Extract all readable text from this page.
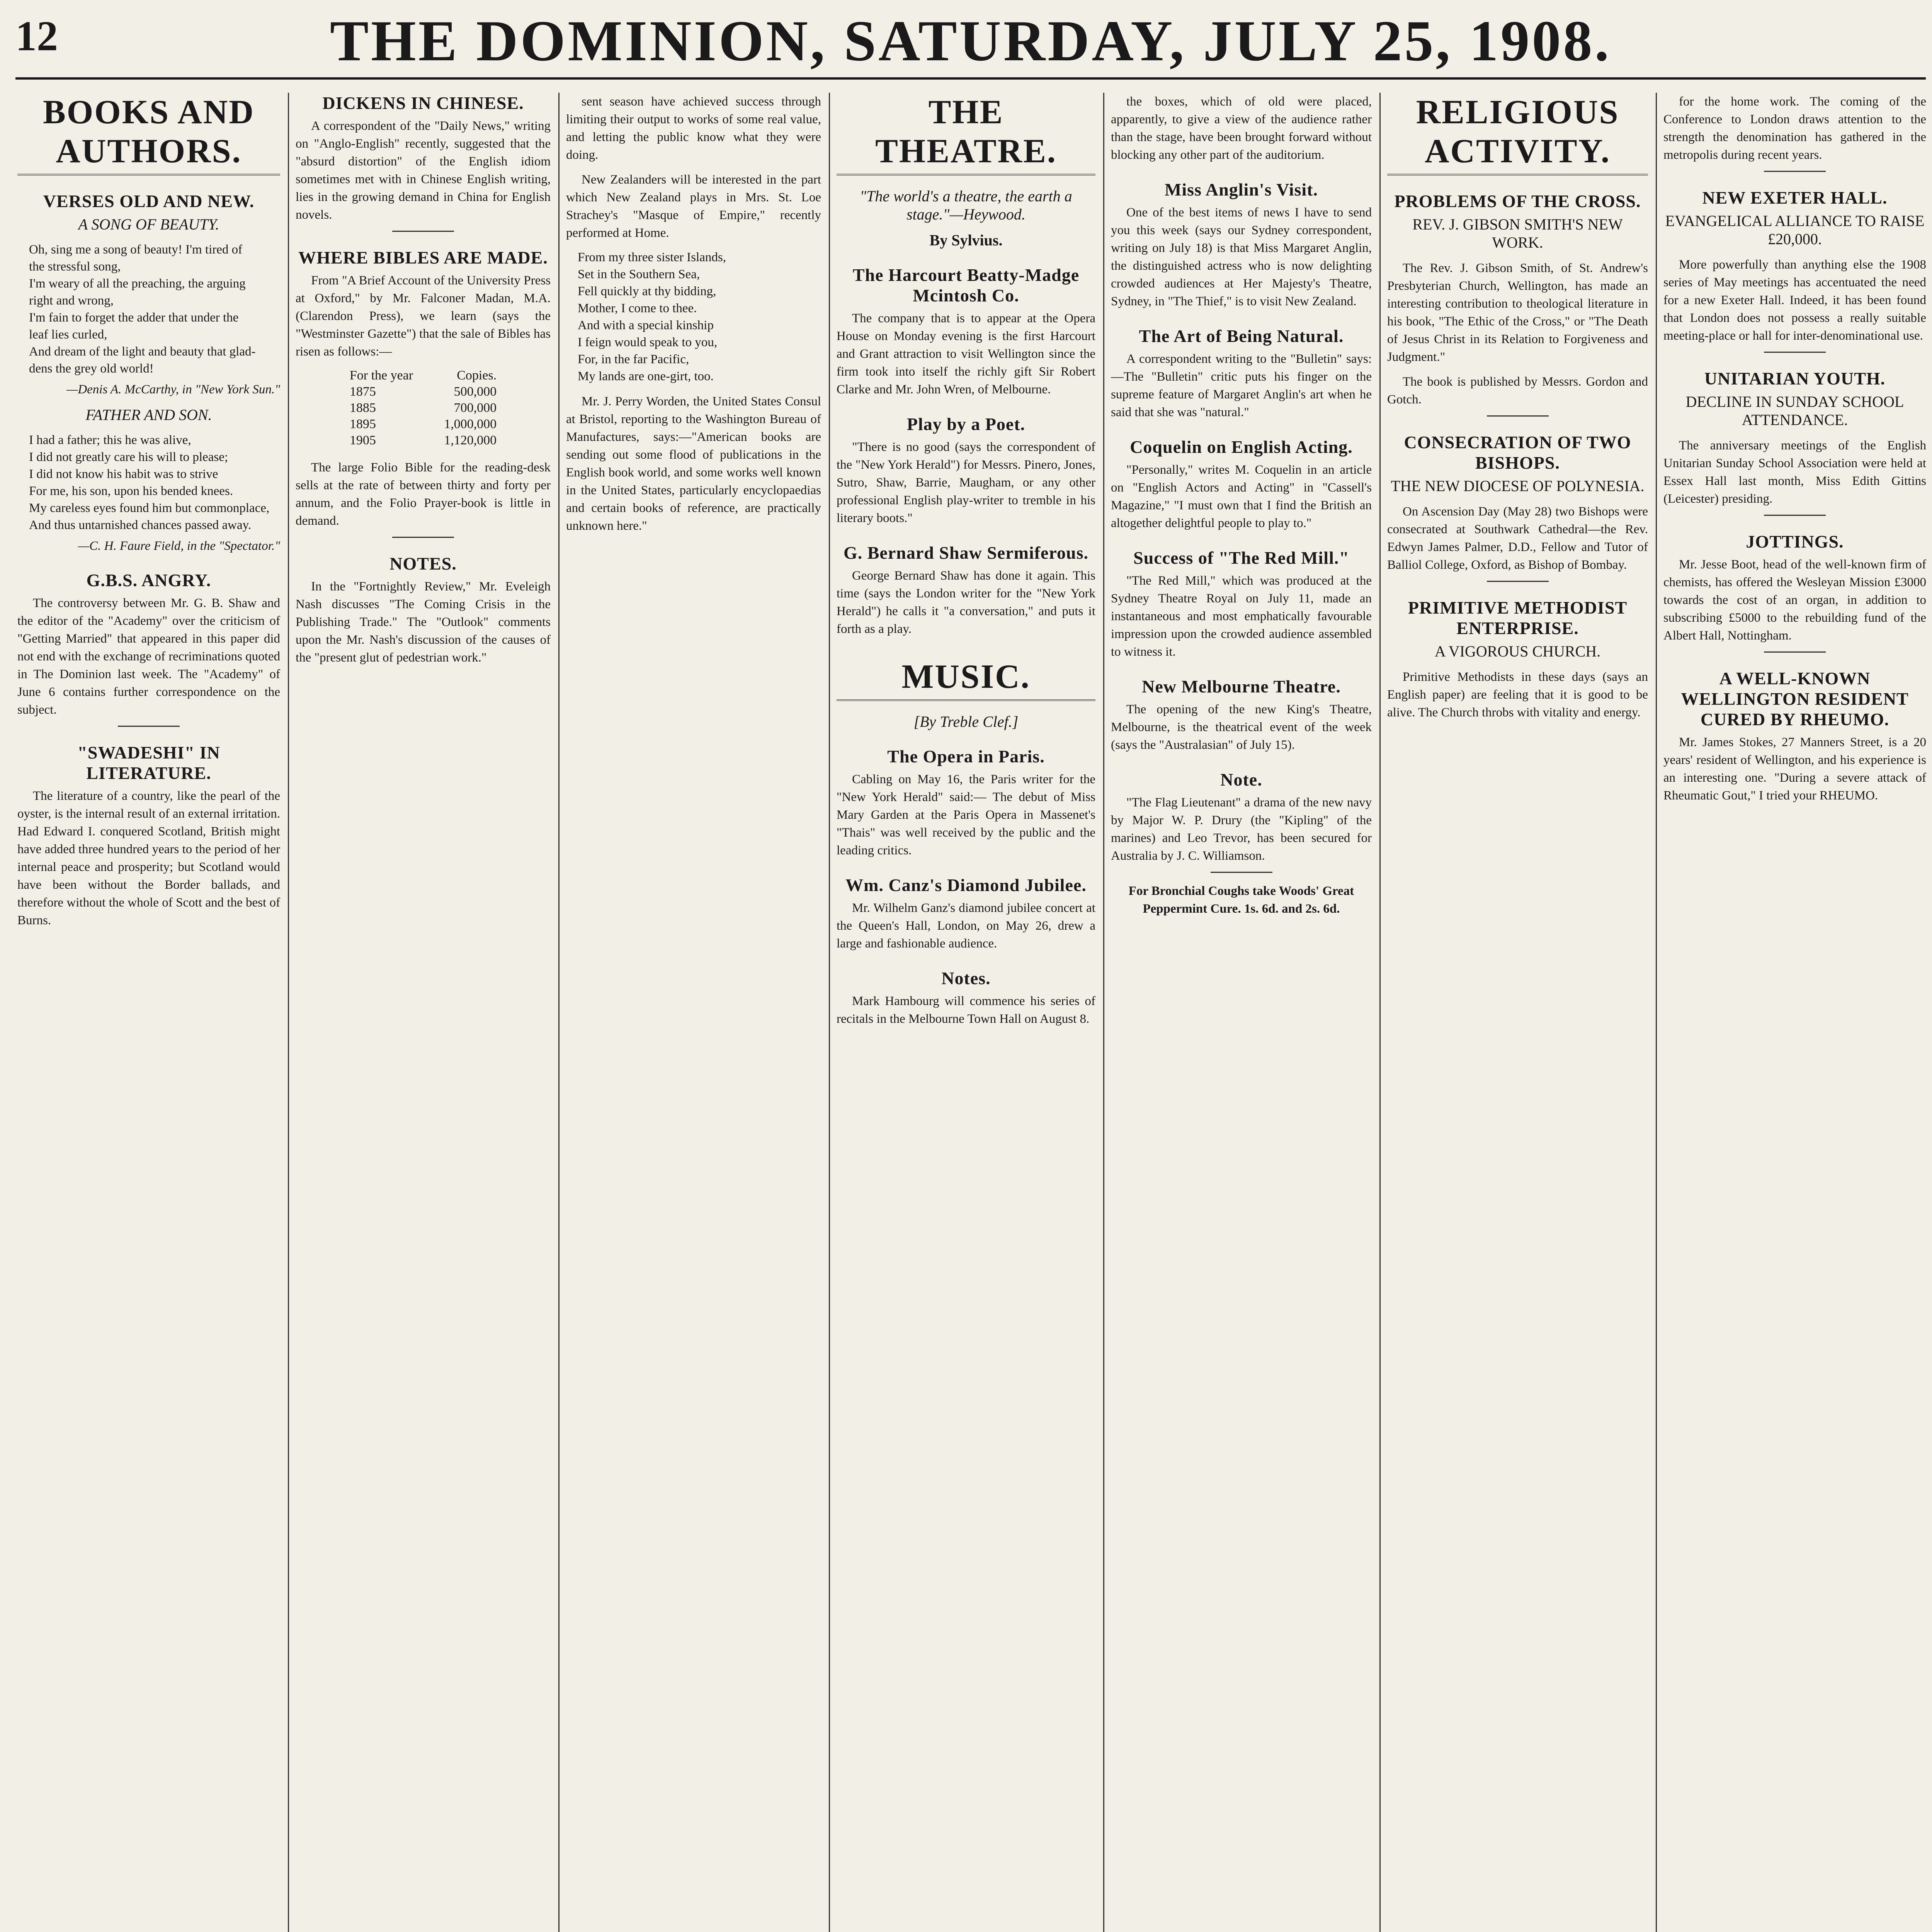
12	THE DOMINION, SATURDAY, JULY 25, 1908.
BOOKS AND AUTHORS.
VERSES OLD AND NEW.
A SONG OF BEAUTY.

Oh, sing me a song of beauty! I'm tired of

the stressful song,

I'm weary of all the preaching, the arguing

right and wrong,

I'm fain to forget the adder that under the

leaf lies curled,

And dream of the light and beauty that glad-

dens the grey old world!

—Denis A. McCarthy, in "New York Sun."

FATHER AND SON.

I had a father; this he was alive,

I did not greatly care his will to please;

I did not know his habit was to strive

For me, his son, upon his bended knees.

My careless eyes found him but commonplace,

And thus untarnished chances passed away.

—C. H. Faure Field, in the "Spectator."

G.B.S. ANGRY.

The controversy between Mr. G. B. Shaw and the editor of the "Academy" over the criticism of "Getting Married" that appeared in this paper did not end with the exchange of recriminations quoted in The Dominion last week. The "Academy" of June 6 contains further correspondence on the subject.

"SWADESHI" IN LITERATURE.

The literature of a country, like the pearl of the oyster, is the internal result of an external irritation. Had Edward I. conquered Scotland, British might have added three hundred years to the period of her internal peace and prosperity; but Scotland would have been without the Border ballads, and therefore without the whole of Scott and the best of Burns.

DICKENS IN CHINESE.

A correspondent of the "Daily News," writing on "Anglo-English" recently, suggested that the "absurd distortion" of the English idiom sometimes met with in Chinese English writing, lies in the growing demand in China for English novels.

WHERE BIBLES ARE MADE.

From "A Brief Account of the University Press at Oxford," by Mr. Falconer Madan, M.A. (Clarendon Press), we learn (says the "Westminster Gazette") that the sale of Bibles has risen as follows:—

For the year	Copies.
1875	500,000
1885	700,000
1895	1,000,000
1905	1,120,000

The large Folio Bible for the reading-desk sells at the rate of between thirty and forty per annum, and the Folio Prayer-book is little in demand.

NOTES.

In the "Fortnightly Review," Mr. Eveleigh Nash discusses "The Coming Crisis in the Publishing Trade." The "Outlook" comments upon the Mr. Nash's discussion of the causes of the "present glut of pedestrian work."

sent season have achieved success through limiting their output to works of some real value, and letting the public know what they were doing.

New Zealanders will be interested in the part which New Zealand plays in Mrs. St. Loe Strachey's "Masque of Empire," recently performed at Home.

From my three sister Islands,

Set in the Southern Sea,

Fell quickly at thy bidding,

Mother, I come to thee.

And with a special kinship

I feign would speak to you,

For, in the far Pacific,

My lands are one-girt, too.

Mr. J. Perry Worden, the United States Consul at Bristol, reporting to the Washington Bureau of Manufactures, says:—"American books are sending out some flood of publications in the English book world, and some works well known in the United States, particularly encyclopaedias and certain books of reference, are practically unknown here."

THE THEATRE.
"The world's a theatre, the earth a stage."—Heywood.
By Sylvius.
The Harcourt Beatty-Madge Mcintosh Co.

The company that is to appear at the Opera House on Monday evening is the first Harcourt and Grant attraction to visit Wellington since the firm took into itself the richly gift Sir Robert Clarke and Mr. John Wren, of Melbourne.

Play by a Poet.

"There is no good (says the correspondent of the "New York Herald") for Messrs. Pinero, Jones, Sutro, Shaw, Barrie, Maugham, or any other professional English play-writer to tremble in his literary boots."

G. Bernard Shaw Sermiferous.

George Bernard Shaw has done it again. This time (says the London writer for the "New York Herald") he calls it "a conversation," and puts it forth as a play.

MUSIC.
[By Treble Clef.]
The Opera in Paris.

Cabling on May 16, the Paris writer for the "New York Herald" said:— The debut of Miss Mary Garden at the Paris Opera in Massenet's "Thais" was well received by the public and the leading critics.

Wm. Canz's Diamond Jubilee.

Mr. Wilhelm Ganz's diamond jubilee concert at the Queen's Hall, London, on May 26, drew a large and fashionable audience.

Notes.

Mark Hambourg will commence his series of recitals in the Melbourne Town Hall on August 8.

the boxes, which of old were placed, apparently, to give a view of the audience rather than the stage, have been brought forward without blocking any other part of the auditorium.

Miss Anglin's Visit.

One of the best items of news I have to send you this week (says our Sydney correspondent, writing on July 18) is that Miss Margaret Anglin, the distinguished actress who is now delighting crowded audiences at Her Majesty's Theatre, Sydney, in "The Thief," is to visit New Zealand.

The Art of Being Natural.

A correspondent writing to the "Bulletin" says:—The "Bulletin" critic puts his finger on the supreme feature of Margaret Anglin's art when he said that she was "natural."

Coquelin on English Acting.

"Personally," writes M. Coquelin in an article on "English Actors and Acting" in "Cassell's Magazine," "I must own that I find the British an altogether delightful people to play to."

Success of "The Red Mill."

"The Red Mill," which was produced at the Sydney Theatre Royal on July 11, made an instantaneous and most emphatically favourable impression upon the crowded audience assembled to witness it.

New Melbourne Theatre.

The opening of the new King's Theatre, Melbourne, is the theatrical event of the week (says the "Australasian" of July 15).

Note.

"The Flag Lieutenant" a drama of the new navy by Major W. P. Drury (the "Kipling" of the marines) and Leo Trevor, has been secured for Australia by J. C. Williamson.

For Bronchial Coughs take Woods' Great Peppermint Cure. 1s. 6d. and 2s. 6d.

RELIGIOUS ACTIVITY.
PROBLEMS OF THE CROSS.
REV. J. GIBSON SMITH'S NEW WORK.

The Rev. J. Gibson Smith, of St. Andrew's Presbyterian Church, Wellington, has made an interesting contribution to theological literature in his book, "The Ethic of the Cross," or "The Death of Jesus Christ in its Relation to Forgiveness and Judgment."

The book is published by Messrs. Gordon and Gotch.

CONSECRATION OF TWO BISHOPS.
THE NEW DIOCESE OF POLYNESIA.

On Ascension Day (May 28) two Bishops were consecrated at Southwark Cathedral—the Rev. Edwyn James Palmer, D.D., Fellow and Tutor of Balliol College, Oxford, as Bishop of Bombay.

PRIMITIVE METHODIST ENTERPRISE.
A VIGOROUS CHURCH.

Primitive Methodists in these days (says an English paper) are feeling that it is good to be alive. The Church throbs with vitality and energy.

for the home work. The coming of the Conference to London draws attention to the strength the denomination has gathered in the metropolis during recent years.

NEW EXETER HALL.
EVANGELICAL ALLIANCE TO RAISE £20,000.

More powerfully than anything else the 1908 series of May meetings has accentuated the need for a new Exeter Hall. Indeed, it has been found that London does not possess a really suitable meeting-place or hall for inter-denominational use.

UNITARIAN YOUTH.
DECLINE IN SUNDAY SCHOOL ATTENDANCE.

The anniversary meetings of the English Unitarian Sunday School Association were held at Essex Hall last month, Miss Edith Gittins (Leicester) presiding.

JOTTINGS.

Mr. Jesse Boot, head of the well-known firm of chemists, has offered the Wesleyan Mission £3000 towards the cost of an organ, in addition to subscribing £5000 to the rebuilding fund of the Albert Hall, Nottingham.

A WELL-KNOWN WELLINGTON RESIDENT CURED BY RHEUMO.

Mr. James Stokes, 27 Manners Street, is a 20 years' resident of Wellington, and his experience is an interesting one. "During a severe attack of Rheumatic Gout," I tried your RHEUMO.
